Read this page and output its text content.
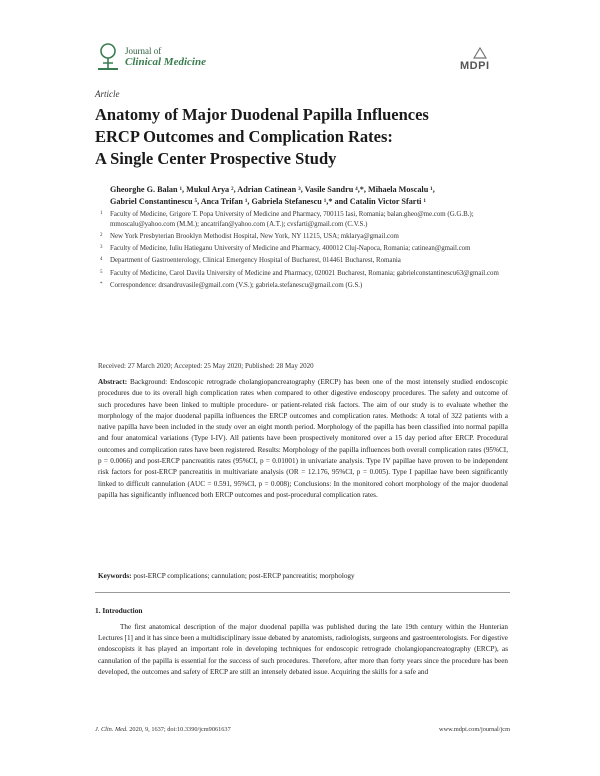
Journal of
Clinical Medicine	MDPI
Article
Anatomy of Major Duodenal Papilla Influences
ERCP Outcomes and Complication Rates:
A Single Center Prospective Study
Gheorghe G. Balan ¹, Mukul Arya ², Adrian Catinean ³, Vasile Sandru ⁴,*, Mihaela Moscalu ¹,
Gabriel Constantinescu ⁵, Anca Trifan ¹, Gabriela Stefanescu ¹,* and Catalin Victor Sfarti ¹
1 Faculty of Medicine, Grigore T. Popa University of Medicine and Pharmacy, 700115 Iasi, Romania; balan.gheo@me.com (G.G.B.); mmoscalu@yahoo.com (M.M.); ancatrifan@yahoo.com (A.T.); cvsfarti@gmail.com (C.V.S.)
2 New York Presbyterian Brooklyn Methodist Hospital, New York, NY 11215, USA; mklarya@gmail.com
3 Faculty of Medicine, Iuliu Hatieganu University of Medicine and Pharmacy, 400012 Cluj-Napoca, Romania; catinean@gmail.com
4 Department of Gastroenterology, Clinical Emergency Hospital of Bucharest, 014461 Bucharest, Romania
5 Faculty of Medicine, Carol Davila University of Medicine and Pharmacy, 020021 Bucharest, Romania; gabrielconstantinescu63@gmail.com
* Correspondence: drsandruvasile@gmail.com (V.S.); gabriela.stefanescu@gmail.com (G.S.)
Received: 27 March 2020; Accepted: 25 May 2020; Published: 28 May 2020
Abstract: Background: Endoscopic retrograde cholangiopancreatography (ERCP) has been one of the most intensely studied endoscopic procedures due to its overall high complication rates when compared to other digestive endoscopy procedures. The safety and outcome of such procedures have been linked to multiple procedure- or patient-related risk factors. The aim of our study is to evaluate whether the morphology of the major duodenal papilla influences the ERCP outcomes and complication rates. Methods: A total of 322 patients with a native papilla have been included in the study over an eight month period. Morphology of the papilla has been classified into normal papilla and four anatomical variations (Type I-IV). All patients have been prospectively monitored over a 15 day period after ERCP. Procedural outcomes and complication rates have been registered. Results: Morphology of the papilla influences both overall complication rates (95%CI, p = 0.0066) and post-ERCP pancreatitis rates (95%CI, p = 0.01001) in univariate analysis. Type IV papillae have proven to be independent risk factors for post-ERCP pancreatitis in multivariate analysis (OR = 12.176, 95%CI, p = 0.005). Type I papillae have been significantly linked to difficult cannulation (AUC = 0.591, 95%CI, p = 0.008); Conclusions: In the monitored cohort morphology of the major duodenal papilla has significantly influenced both ERCP outcomes and post-procedural complication rates.
Keywords: post-ERCP complications; cannulation; post-ERCP pancreatitis; morphology
1. Introduction
The first anatomical description of the major duodenal papilla was published during the late 19th century within the Hunterian Lectures [1] and it has since been a multidisciplinary issue debated by anatomists, radiologists, surgeons and gastroenterologists. For digestive endoscopists it has played an important role in developing techniques for endoscopic retrograde cholangiopancreatography (ERCP), as cannulation of the papilla is essential for the success of such procedures. Therefore, after more than forty years since the procedure has been developed, the outcomes and safety of ERCP are still an intensely debated issue. Acquiring the skills for a safe and
J. Clin. Med. 2020, 9, 1637; doi:10.3390/jcm9061637	www.mdpi.com/journal/jcm
